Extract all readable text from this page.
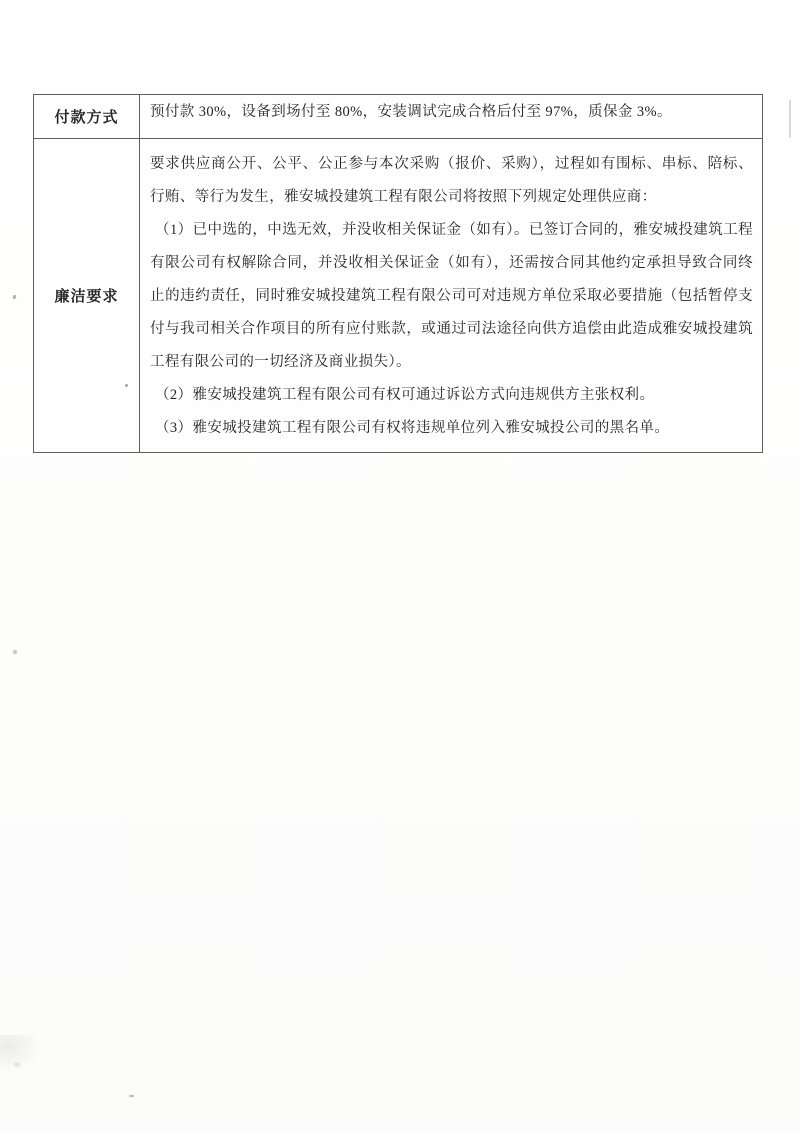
付款方式	预付款 30%，设备到场付至 80%，安装调试完成合格后付至 97%，质保金 3%。
廉洁要求

要求供应商公开、公平、公正参与本次采购（报价、采购），过程如有围标、串标、陪标、行贿、等行为发生，雅安城投建筑工程有限公司将按照下列规定处理供应商：

（1）已中选的，中选无效，并没收相关保证金（如有）。已签订合同的，雅安城投建筑工程有限公司有权解除合同，并没收相关保证金（如有），还需按合同其他约定承担导致合同终止的违约责任，同时雅安城投建筑工程有限公司可对违规方单位采取必要措施（包括暂停支付与我司相关合作项目的所有应付账款，或通过司法途径向供方追偿由此造成雅安城投建筑工程有限公司的一切经济及商业损失）。

（2）雅安城投建筑工程有限公司有权可通过诉讼方式向违规供方主张权利。

（3）雅安城投建筑工程有限公司有权将违规单位列入雅安城投公司的黑名单。
